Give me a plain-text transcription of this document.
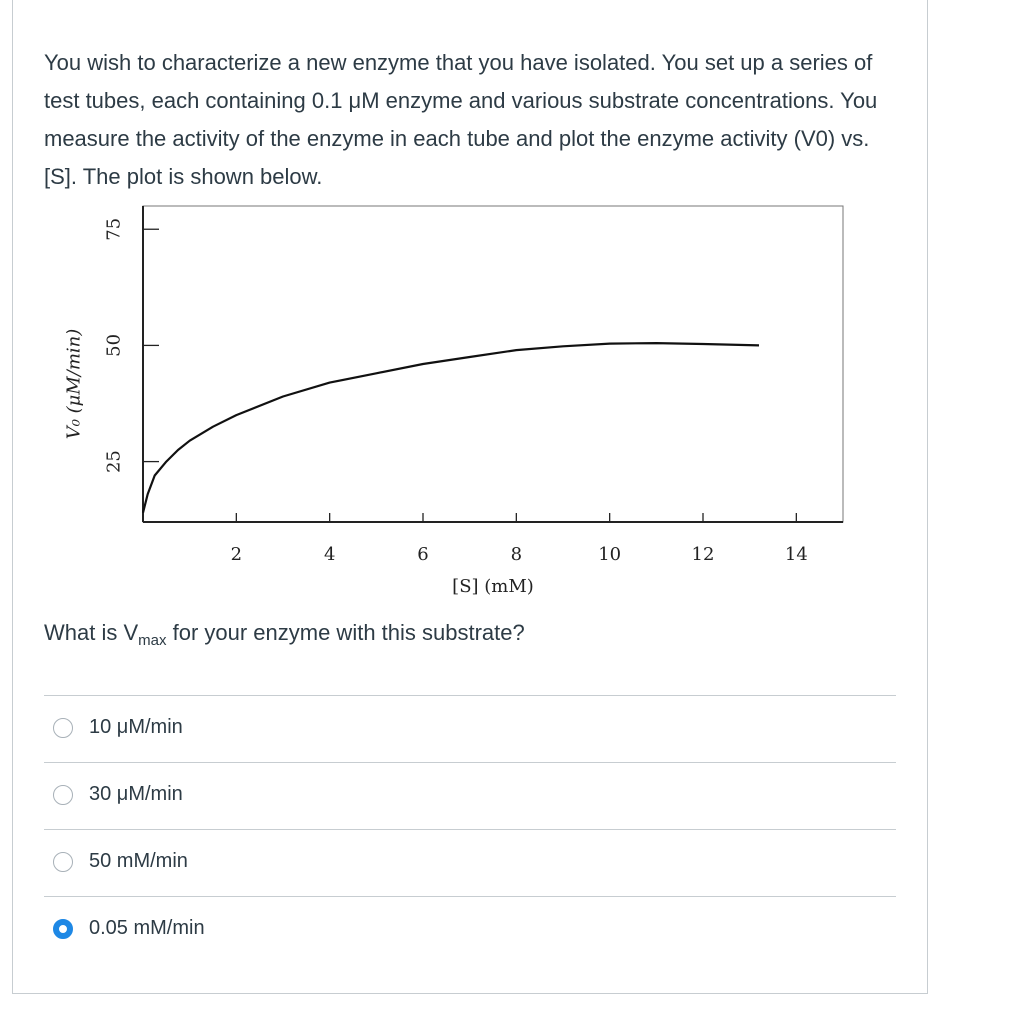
You wish to characterize a new enzyme that you have isolated. You set up a series of test tubes, each containing 0.1 μM enzyme and various substrate concentrations. You measure the activity of the enzyme in each tube and plot the enzyme activity (V0) vs. [S]. The plot is shown below.

2	4	6	8	10	12	14
25
50
75
[S] (mM)
V₀ (μM/min)

What is $V_{max}$ for your enzyme with this substrate?

10 μM/min
30 μM/min
50 mM/min
0.05 mM/min
